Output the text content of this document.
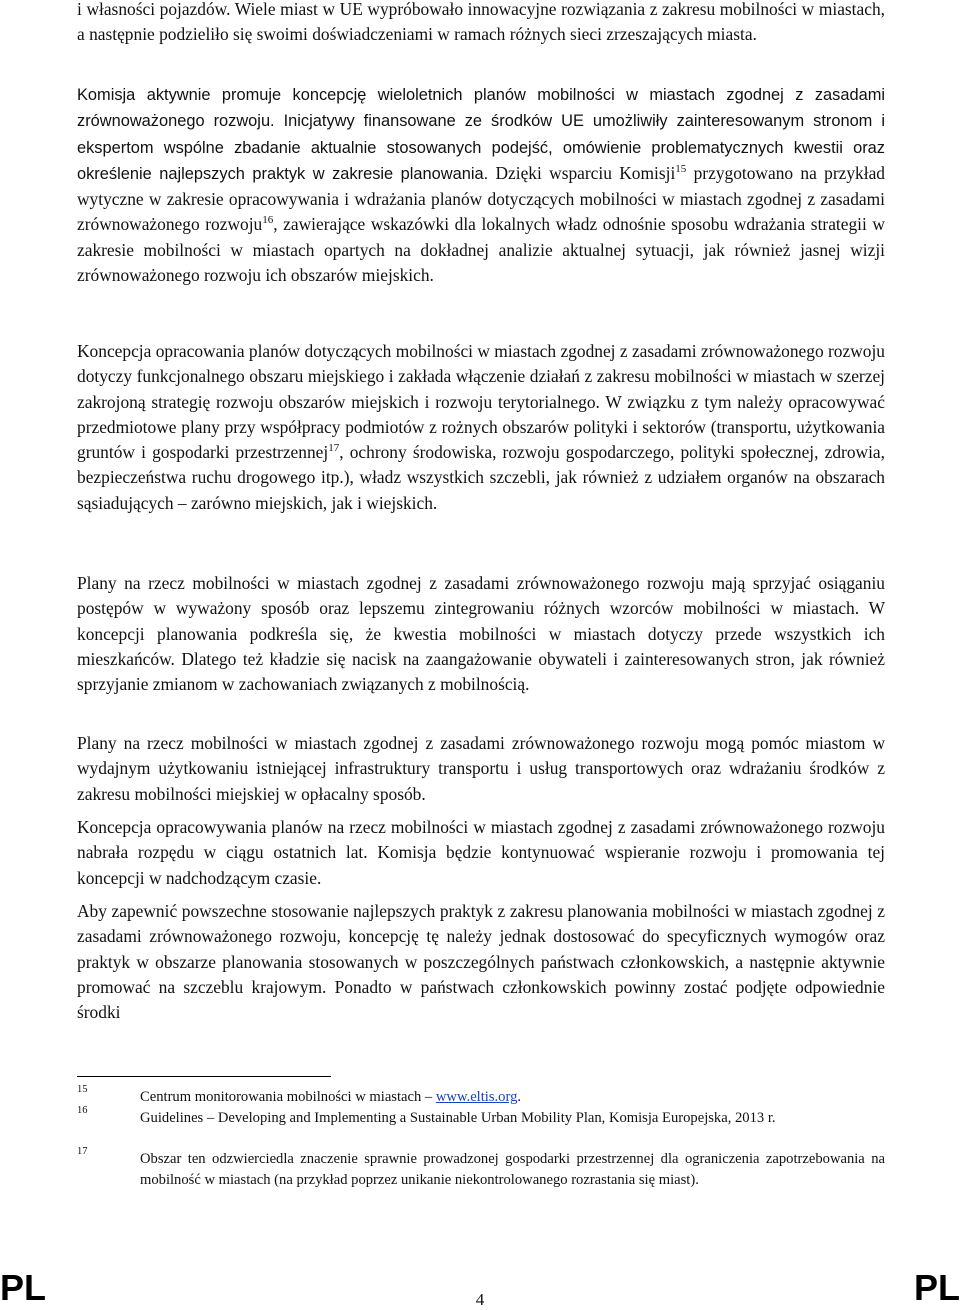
i własności pojazdów. Wiele miast w UE wypróbowało innowacyjne rozwiązania z zakresu mobilności w miastach, a następnie podzieliło się swoimi doświadczeniami w ramach różnych sieci zrzeszających miasta.

Komisja aktywnie promuje koncepcję wieloletnich planów mobilności w miastach zgodnej z zasadami zrównoważonego rozwoju. Inicjatywy finansowane ze środków UE umożliwiły zainteresowanym stronom i ekspertom wspólne zbadanie aktualnie stosowanych podejść, omówienie problematycznych kwestii oraz określenie najlepszych praktyk w zakresie planowania. Dzięki wsparciu Komisji$^{15}$ przygotowano na przykład wytyczne w zakresie opracowywania i wdrażania planów dotyczących mobilności w miastach zgodnej z zasadami zrównoważonego rozwoju$^{16}$, zawierające wskazówki dla lokalnych władz odnośnie sposobu wdrażania strategii w zakresie mobilności w miastach opartych na dokładnej analizie aktualnej sytuacji, jak również jasnej wizji zrównoważonego rozwoju ich obszarów miejskich.

Koncepcja opracowania planów dotyczących mobilności w miastach zgodnej z zasadami zrównoważonego rozwoju dotyczy funkcjonalnego obszaru miejskiego i zakłada włączenie działań z zakresu mobilności w miastach w szerzej zakrojoną strategię rozwoju obszarów miejskich i rozwoju terytorialnego. W związku z tym należy opracowywać przedmiotowe plany przy współpracy podmiotów z rożnych obszarów polityki i sektorów (transportu, użytkowania gruntów i gospodarki przestrzennej$^{17}$, ochrony środowiska, rozwoju gospodarczego, polityki społecznej, zdrowia, bezpieczeństwa ruchu drogowego itp.), władz wszystkich szczebli, jak również z udziałem organów na obszarach sąsiadujących – zarówno miejskich, jak i wiejskich.

Plany na rzecz mobilności w miastach zgodnej z zasadami zrównoważonego rozwoju mają sprzyjać osiąganiu postępów w wyważony sposób oraz lepszemu zintegrowaniu różnych wzorców mobilności w miastach. W koncepcji planowania podkreśla się, że kwestia mobilności w miastach dotyczy przede wszystkich ich mieszkańców. Dlatego też kładzie się nacisk na zaangażowanie obywateli i zainteresowanych stron, jak również sprzyjanie zmianom w zachowaniach związanych z mobilnością.

Plany na rzecz mobilności w miastach zgodnej z zasadami zrównoważonego rozwoju mogą pomóc miastom w wydajnym użytkowaniu istniejącej infrastruktury transportu i usług transportowych oraz wdrażaniu środków z zakresu mobilności miejskiej w opłacalny sposób.

Koncepcja opracowywania planów na rzecz mobilności w miastach zgodnej z zasadami zrównoważonego rozwoju nabrała rozpędu w ciągu ostatnich lat. Komisja będzie kontynuować wspieranie rozwoju i promowania tej koncepcji w nadchodzącym czasie.

Aby zapewnić powszechne stosowanie najlepszych praktyk z zakresu planowania mobilności w miastach zgodnej z zasadami zrównoważonego rozwoju, koncepcję tę należy jednak dostosować do specyficznych wymogów oraz praktyk w obszarze planowania stosowanych w poszczególnych państwach członkowskich, a następnie aktywnie promować na szczeblu krajowym. Ponadto w państwach członkowskich powinny zostać podjęte odpowiednie środki

15	Centrum monitorowania mobilności w miastach – www.eltis.org.
16	Guidelines – Developing and Implementing a Sustainable Urban Mobility Plan, Komisja Europejska, 2013 r.
17	Obszar ten odzwierciedla znaczenie sprawnie prowadzonej gospodarki przestrzennej dla ograniczenia zapotrzebowania na mobilność w miastach (na przykład poprzez unikanie niekontrolowanego rozrastania się miast).
PL	4	PL
